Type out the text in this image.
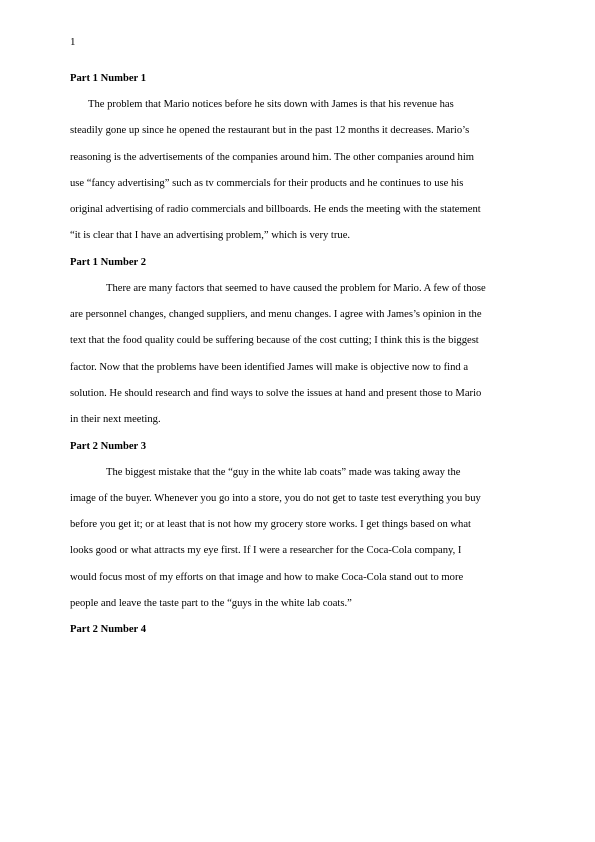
1
Part 1 Number 1

The problem that Mario notices before he sits down with James is that his revenue has
steadily gone up since he opened the restaurant but in the past 12 months it decreases. Mario’s
reasoning is the advertisements of the companies around him. The other companies around him
use “fancy advertising” such as tv commercials for their products and he continues to use his
original advertising of radio commercials and billboards. He ends the meeting with the statement
“it is clear that I have an advertising problem,” which is very true.

Part 1 Number 2

There are many factors that seemed to have caused the problem for Mario. A few of those
are personnel changes, changed suppliers, and menu changes. I agree with James’s opinion in the
text that the food quality could be suffering because of the cost cutting; I think this is the biggest
factor. Now that the problems have been identified James will make is objective now to find a
solution. He should research and find ways to solve the issues at hand and present those to Mario
in their next meeting.

Part 2 Number 3

The biggest mistake that the “guy in the white lab coats” made was taking away the
image of the buyer. Whenever you go into a store, you do not get to taste test everything you buy
before you get it; or at least that is not how my grocery store works. I get things based on what
looks good or what attracts my eye first. If I were a researcher for the Coca-Cola company, I
would focus most of my efforts on that image and how to make Coca-Cola stand out to more
people and leave the taste part to the “guys in the white lab coats.”

Part 2 Number 4
